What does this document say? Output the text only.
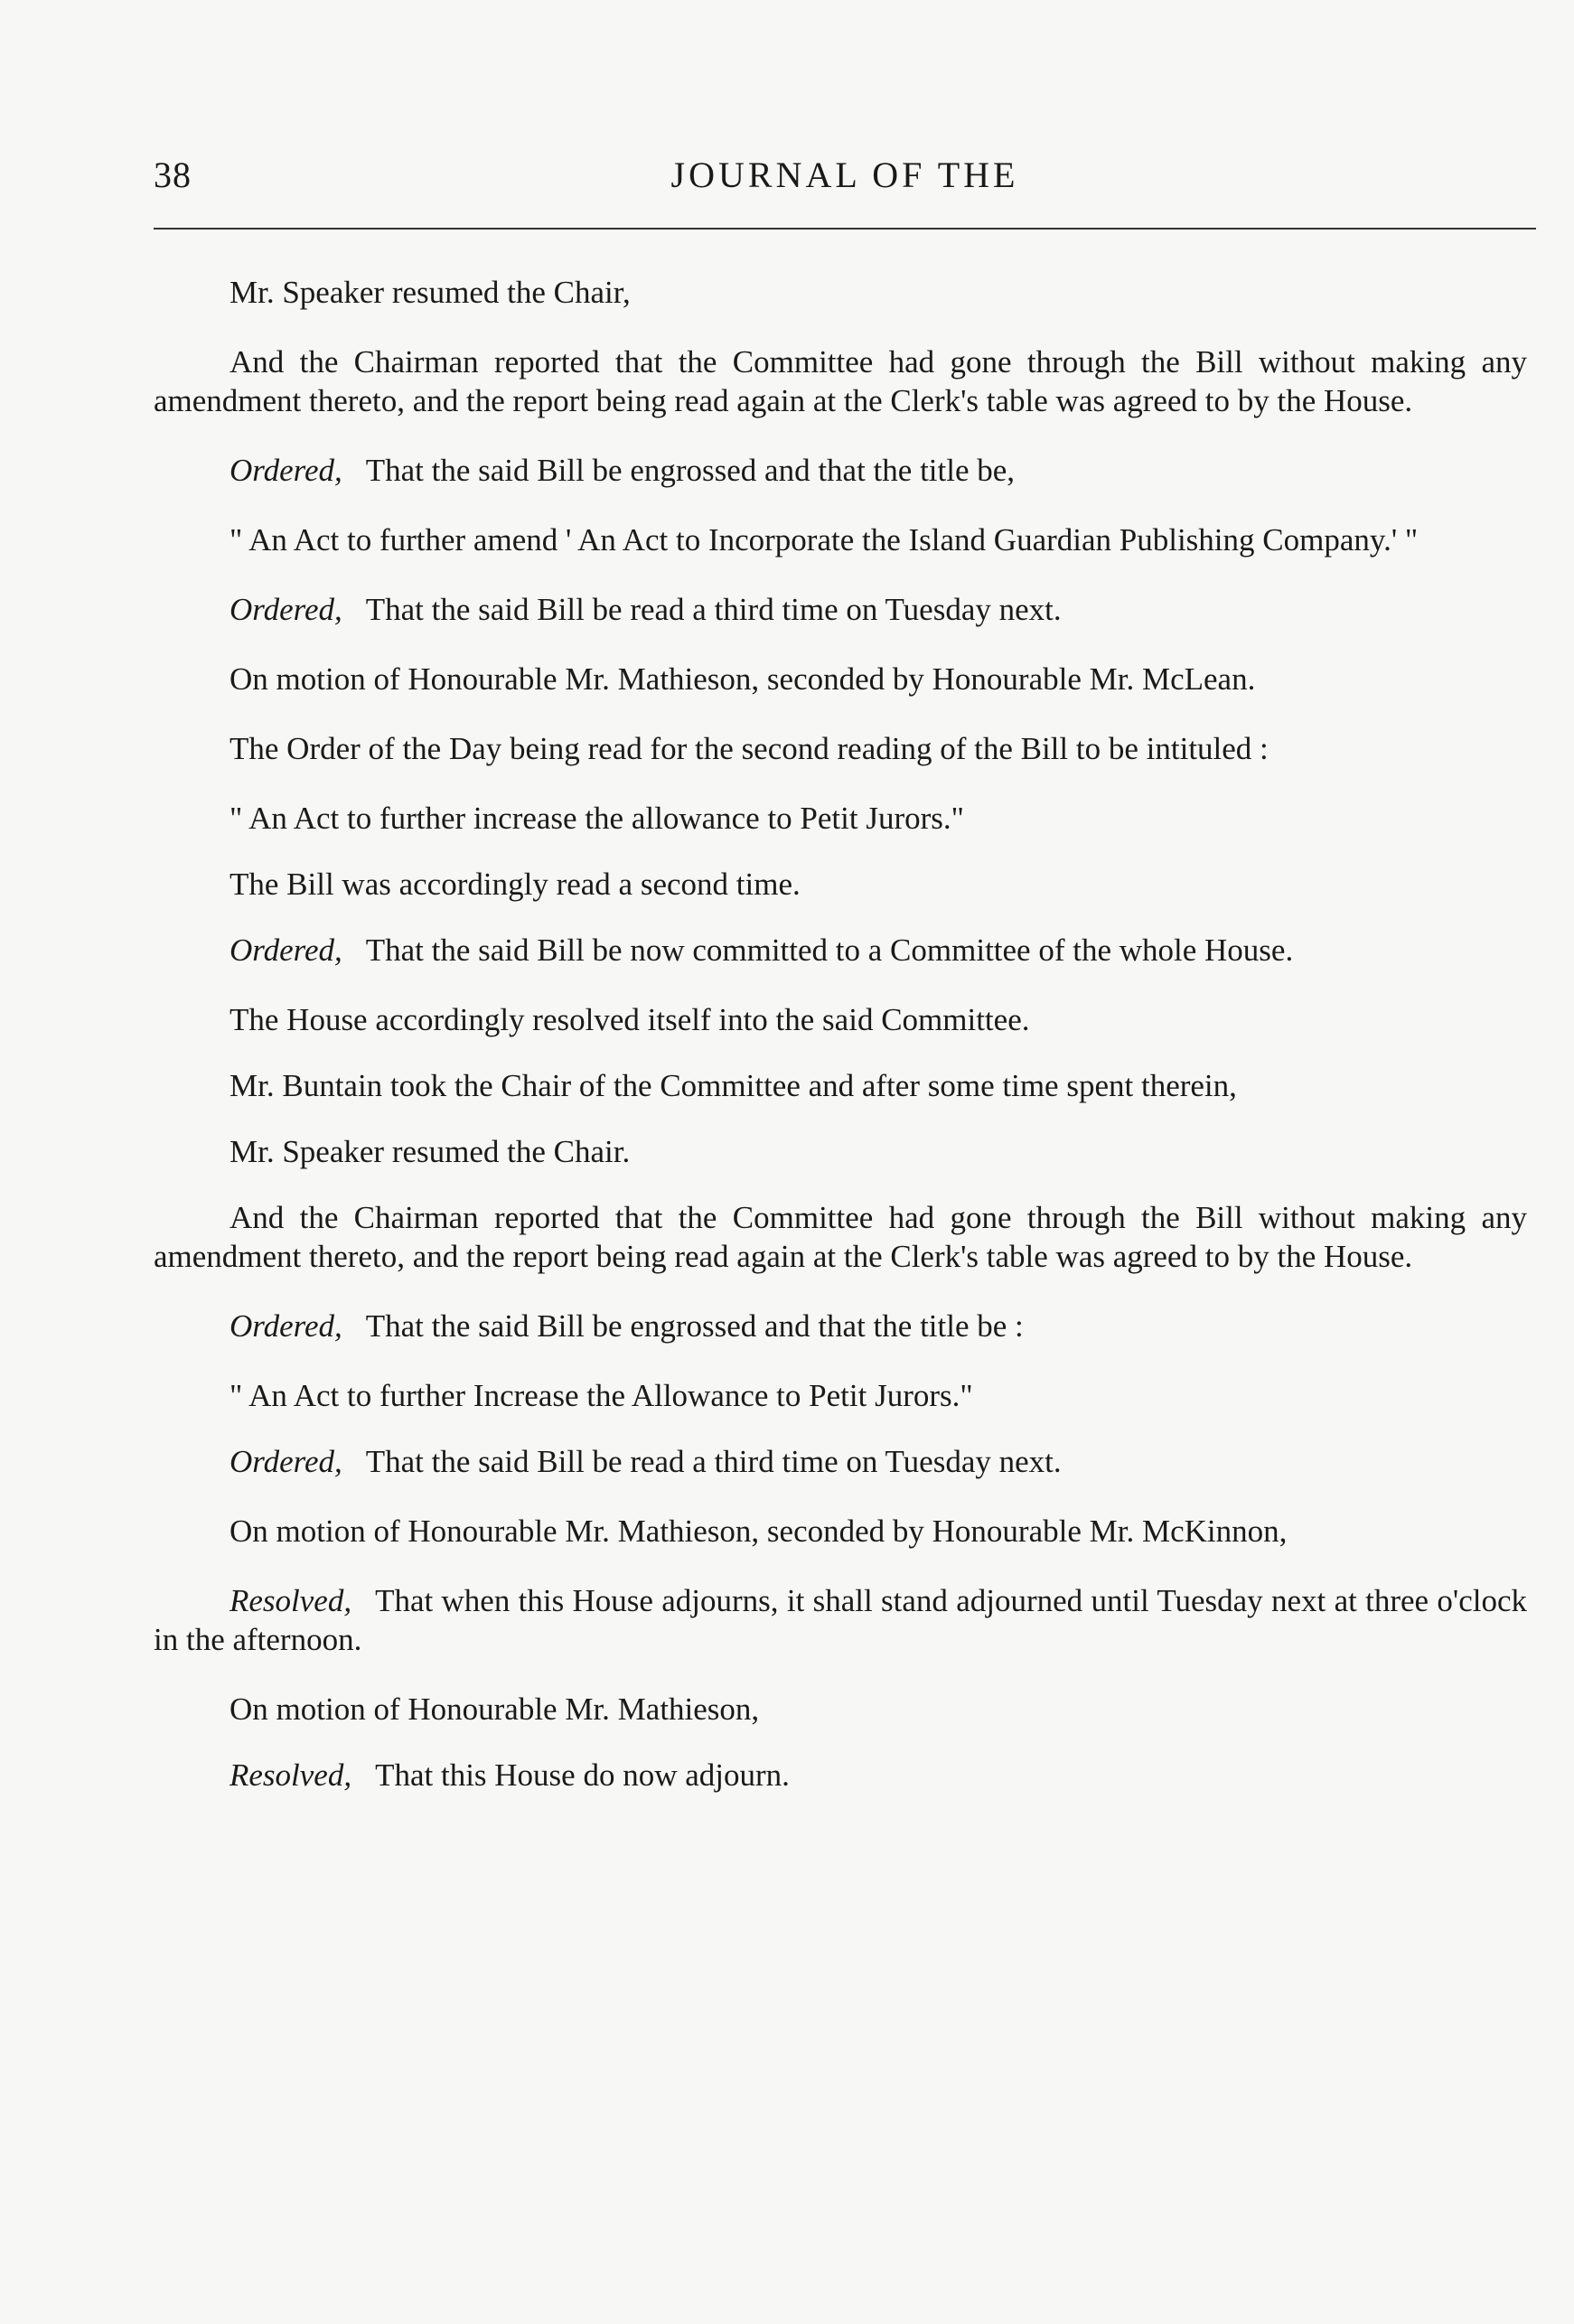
38	JOURNAL OF THE

Mr. Speaker resumed the Chair,

And the Chairman reported that the Committee had gone through the Bill without making any amendment thereto, and the report being read again at the Clerk's table was agreed to by the House.

Ordered, That the said Bill be engrossed and that the title be,

" An Act to further amend ' An Act to Incorporate the Island Guardian Publishing Company.' "

Ordered, That the said Bill be read a third time on Tuesday next.

On motion of Honourable Mr. Mathieson, seconded by Honourable Mr. McLean.

The Order of the Day being read for the second reading of the Bill to be intituled :

" An Act to further increase the allowance to Petit Jurors."

The Bill was accordingly read a second time.

Ordered, That the said Bill be now committed to a Committee of the whole House.

The House accordingly resolved itself into the said Committee.

Mr. Buntain took the Chair of the Committee and after some time spent therein,

Mr. Speaker resumed the Chair.

And the Chairman reported that the Committee had gone through the Bill without making any amendment thereto, and the report being read again at the Clerk's table was agreed to by the House.

Ordered, That the said Bill be engrossed and that the title be :

" An Act to further Increase the Allowance to Petit Jurors."

Ordered, That the said Bill be read a third time on Tuesday next.

On motion of Honourable Mr. Mathieson, seconded by Honourable Mr. McKinnon,

Resolved, That when this House adjourns, it shall stand adjourned until Tuesday next at three o'clock in the afternoon.

On motion of Honourable Mr. Mathieson,

Resolved, That this House do now adjourn.
